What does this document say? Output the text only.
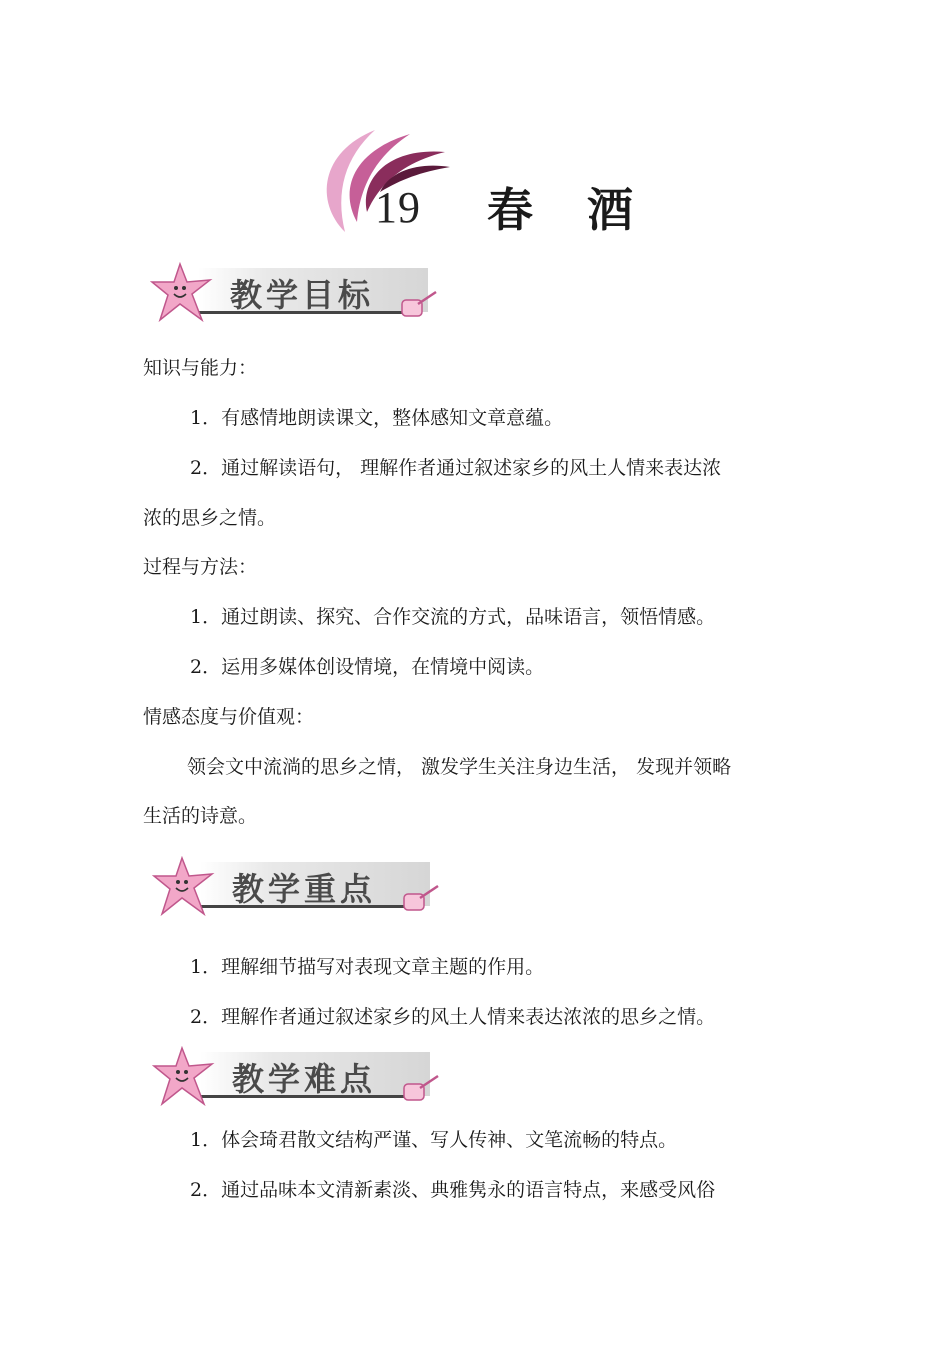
19 春酒
教学目标
知识与能力：
1．有感情地朗读课文，整体感知文章意蕴。
2．通过解读语句， 理解作者通过叙述家乡的风土人情来表达浓
浓的思乡之情。
过程与方法：
1．通过朗读、探究、合作交流的方式，品味语言，领悟情感。
2．运用多媒体创设情境，在情境中阅读。
情感态度与价值观：
领会文中流淌的思乡之情， 激发学生关注身边生活， 发现并领略
生活的诗意。
教学重点
1．理解细节描写对表现文章主题的作用。
2．理解作者通过叙述家乡的风土人情来表达浓浓的思乡之情。
教学难点
1．体会琦君散文结构严谨、写人传神、文笔流畅的特点。
2．通过品味本文清新素淡、典雅隽永的语言特点，来感受风俗
